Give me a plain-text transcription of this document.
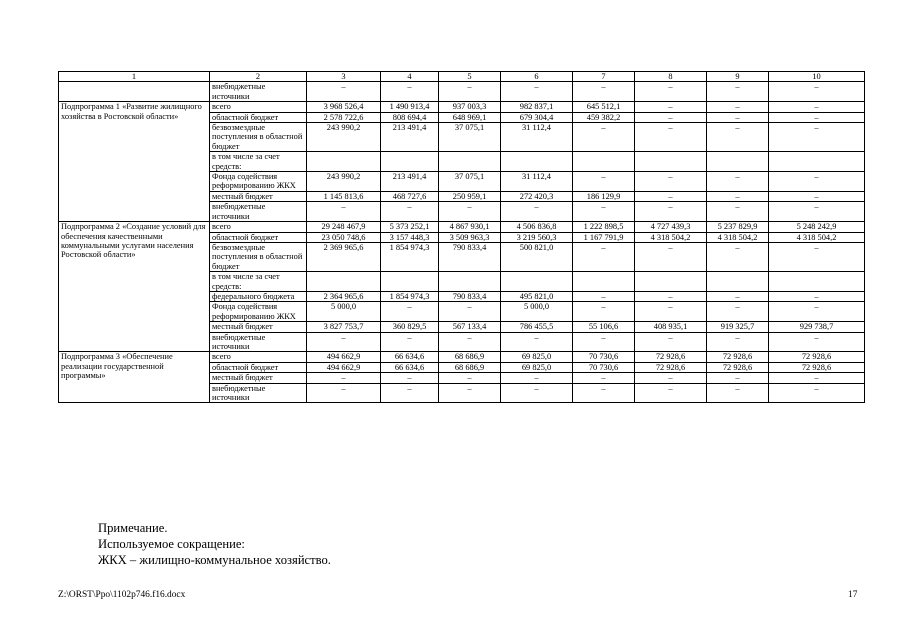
1	2	3	4	5	6	7	8	9	10
	внебюджетные источники	–	–	–	–	–	–	–	–
Подпрограмма 1 «Развитие жилищного хозяйства в Ростовской области»	всего	3 968 526,4	1 490 913,4	937 003,3	982 837,1	645 512,1	–	–	–
	областной бюджет	2 578 722,6	808 694,4	648 969,1	679 304,4	459 382,2	–	–	–
	безвозмездные поступления в областной бюджет	243 990,2	213 491,4	37 075,1	31 112,4	–	–	–	–
	в том числе за счет средств:								
	Фонда содействия реформированию ЖКХ	243 990,2	213 491,4	37 075,1	31 112,4	–	–	–	–
	местный бюджет	1 145 813,6	468 727,6	250 959,1	272 420,3	186 129,9	–	–	–
	внебюджетные источники	–	–	–	–	–	–	–	–
Подпрограмма 2 «Создание условий для обеспечения качественными коммунальными услугами населения Ростовской области»	всего	29 248 467,9	5 373 252,1	4 867 930,1	4 506 836,8	1 222 898,5	4 727 439,3	5 237 829,9	5 248 242,9
	областной бюджет	23 050 748,6	3 157 448,3	3 509 963,3	3 219 560,3	1 167 791,9	4 318 504,2	4 318 504,2	4 318 504,2
	безвозмездные поступления в областной бюджет	2 369 965,6	1 854 974,3	790 833,4	500 821,0	–	–	–	–
	в том числе за счет средств:								
	федерального бюджета	2 364 965,6	1 854 974,3	790 833,4	495 821,0	–	–	–	–
	Фонда содействия реформированию ЖКХ	5 000,0	–	–	5 000,0	–	–	–	–
	местный бюджет	3 827 753,7	360 829,5	567 133,4	786 455,5	55 106,6	408 935,1	919 325,7	929 738,7
	внебюджетные источники	–	–	–	–	–	–	–	–
Подпрограмма 3 «Обеспечение реализации государственной программы»	всего	494 662,9	66 634,6	68 686,9	69 825,0	70 730,6	72 928,6	72 928,6	72 928,6
	областной бюджет	494 662,9	66 634,6	68 686,9	69 825,0	70 730,6	72 928,6	72 928,6	72 928,6
	местный бюджет	–	–	–	–	–	–	–	–
	внебюджетные источники	–	–	–	–	–	–	–	–
Примечание.
Используемое сокращение:
ЖКХ – жилищно-коммунальное хозяйство.
Z:\ORST\Ppo\1102p746.f16.docx	17
